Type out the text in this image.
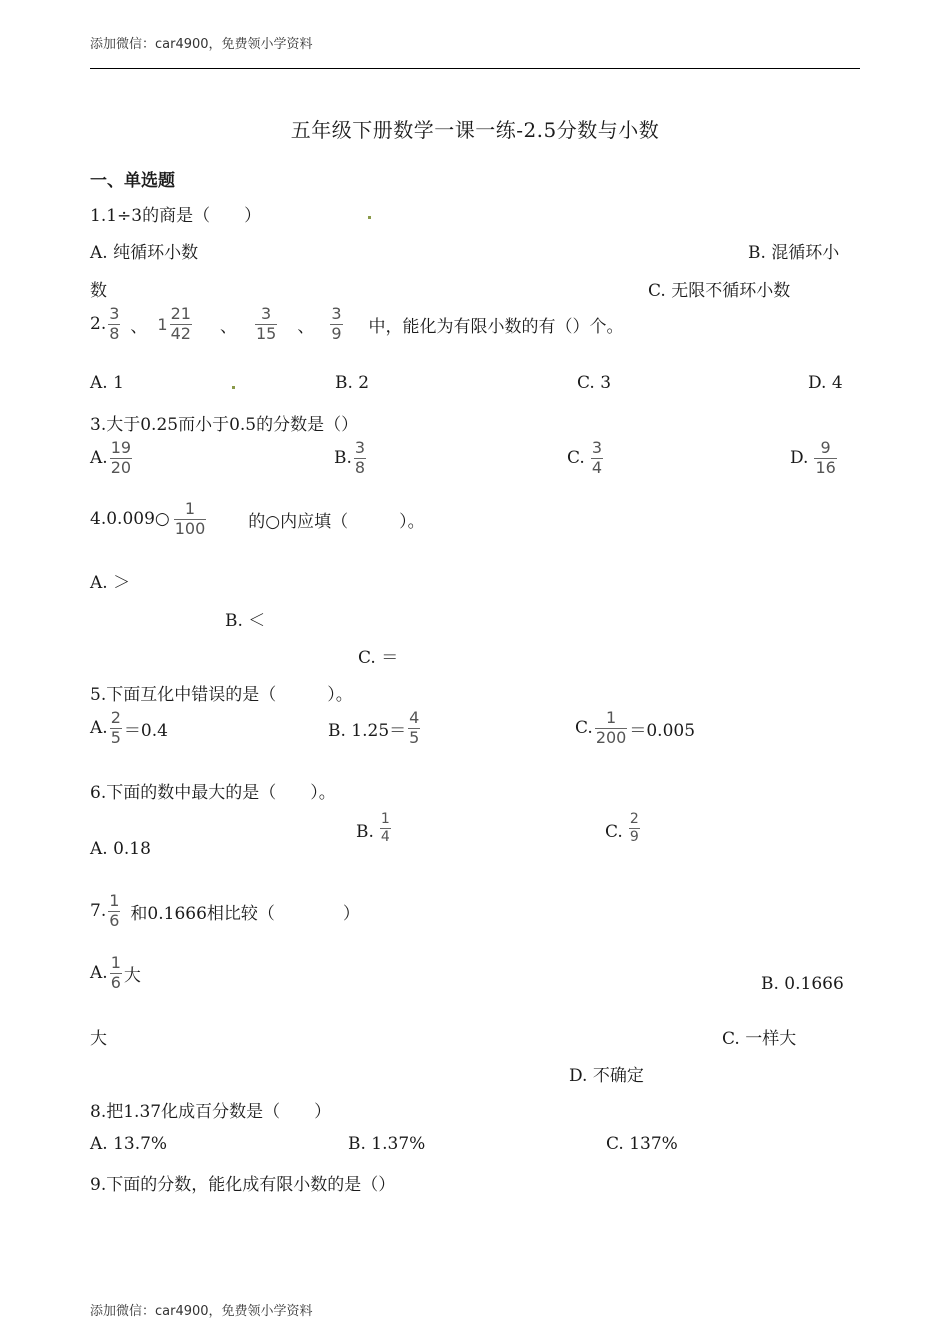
添加微信：car4900，免费领小学资料
五年级下册数学一课一练-2.5分数与小数
一、单选题
1.1÷3的商是（　　）
A. 纯循环小数	B. 混循环小
数	C. 无限不循环小数
2. $\frac{3}{8}$ 、 $1 \frac{21}{42}$ 、 $\frac{3}{15}$ 、 $\frac{3}{9}$ 中，能化为有限小数的有（）个。
A. 1	B. 2	C. 3	D. 4
3.大于0.25而小于0.5的分数是（）
A. $\frac{19}{20}$	B. $\frac{3}{8}$	C. $\frac{3}{4}$	D. $\frac{9}{16}$
4.0.009○ $\frac{1}{100}$ 的○内应填（　　　）。
A. ＞
B. ＜
C. ＝
5.下面互化中错误的是（　　　）。
A. $\frac{2}{5} =0.4$	B. $1.25= \frac{4}{5}$	C. $\frac{1}{200} =0.005$
6.下面的数中最大的是（　　）。
A. 0.18
B. $\frac{1}{4}$	C. $\frac{2}{9}$
7. $\frac{1}{6}$ 和0.1666相比较（　　　　）
A. $\frac{1}{6}$ 大	B. 0.1666
大	C. 一样大
D. 不确定
8.把1.37化成百分数是（　　）
A. 13.7%	B. 1.37%	C. 137%
9.下面的分数，能化成有限小数的是（）
添加微信：car4900，免费领小学资料
